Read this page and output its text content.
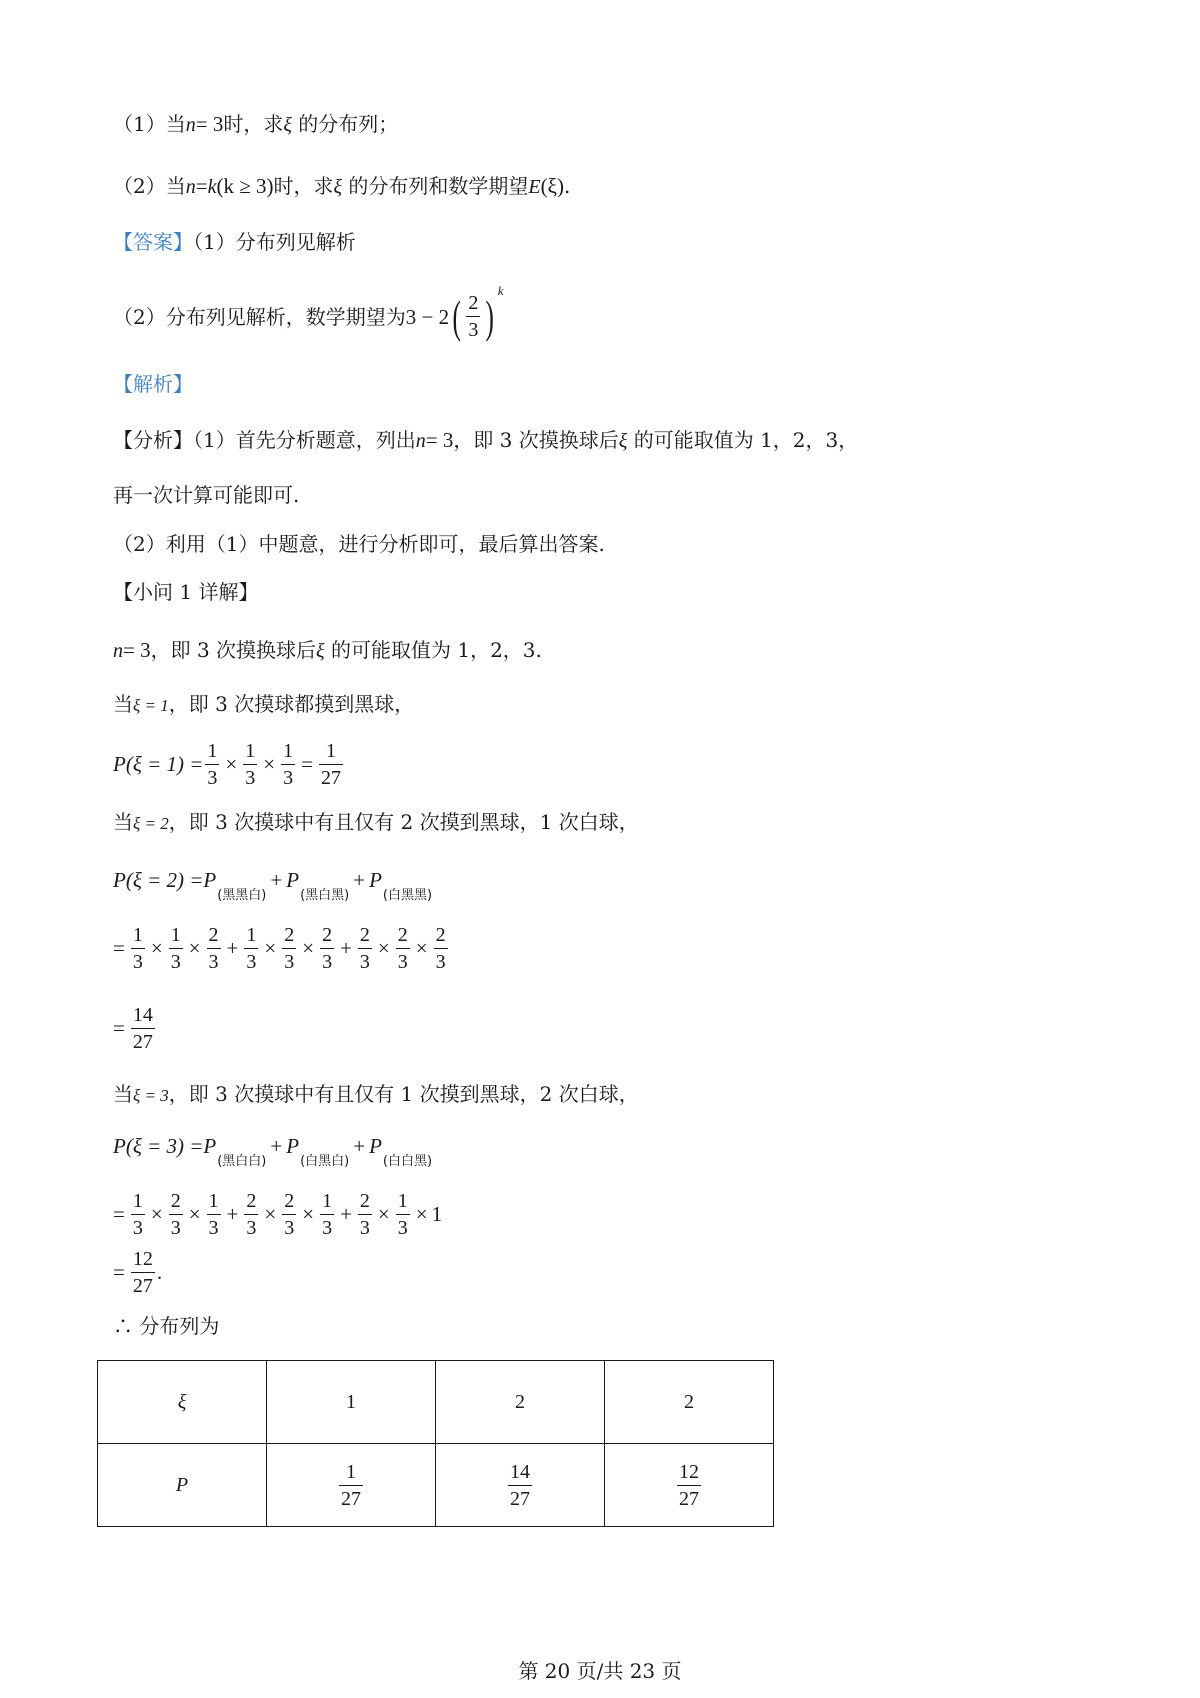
（1）当n= 3时，求ξ 的分布列；
（2）当n=k(k ≥ 3)时，求ξ 的分布列和数学期望E(ξ).
【答案】（1）分布列见解析
（2）分布列见解析，数学期望为 3 − 2 ( $\frac{2}{3}$ )
k
【解析】
【分析】（1）首先分析题意，列出n= 3，即 3 次摸换球后ξ 的可能取值为 1，2，3，
再一次计算可能即可.
（2）利用（1）中题意，进行分析即可，最后算出答案.
【小问 1 详解】
n= 3，即 3 次摸换球后ξ 的可能取值为 1，2，3.
当ξ = 1，即 3 次摸球都摸到黑球，
$P(\xi = 1) = \frac{1}{3} \times \frac{1}{3} \times \frac{1}{3} = \frac{1}{27}$
当ξ = 2，即 3 次摸球中有且仅有 2 次摸到黑球，1 次白球，
$P(\xi = 2) =P_{(黑黑白)}+ P_{(黑白黑)}+ P_{(白黑黑)}$
= $\frac{1}{3} \times \frac{1}{3} \times \frac{2}{3} + \frac{1}{3} \times \frac{2}{3} \times \frac{2}{3} + \frac{2}{3} \times \frac{2}{3} \times \frac{2}{3}$
= $\frac{14}{27}$
当ξ = 3，即 3 次摸球中有且仅有 1 次摸到黑球，2 次白球，
$P(\xi = 3) =P_{(黑白白)}+ P_{(白黑白)}+ P_{(白白黑)}$
= $\frac{1}{3} \times \frac{2}{3} \times \frac{1}{3} + \frac{2}{3} \times \frac{2}{3} \times \frac{1}{3} + \frac{2}{3} \times \frac{1}{3} \times 1$
= $\frac{12}{27}$ .
∴ 分布列为
ξ	1	2	2
P	$\frac{1}{27}$	$\frac{14}{27}$	$\frac{12}{27}$
第 20 页/共 23 页
